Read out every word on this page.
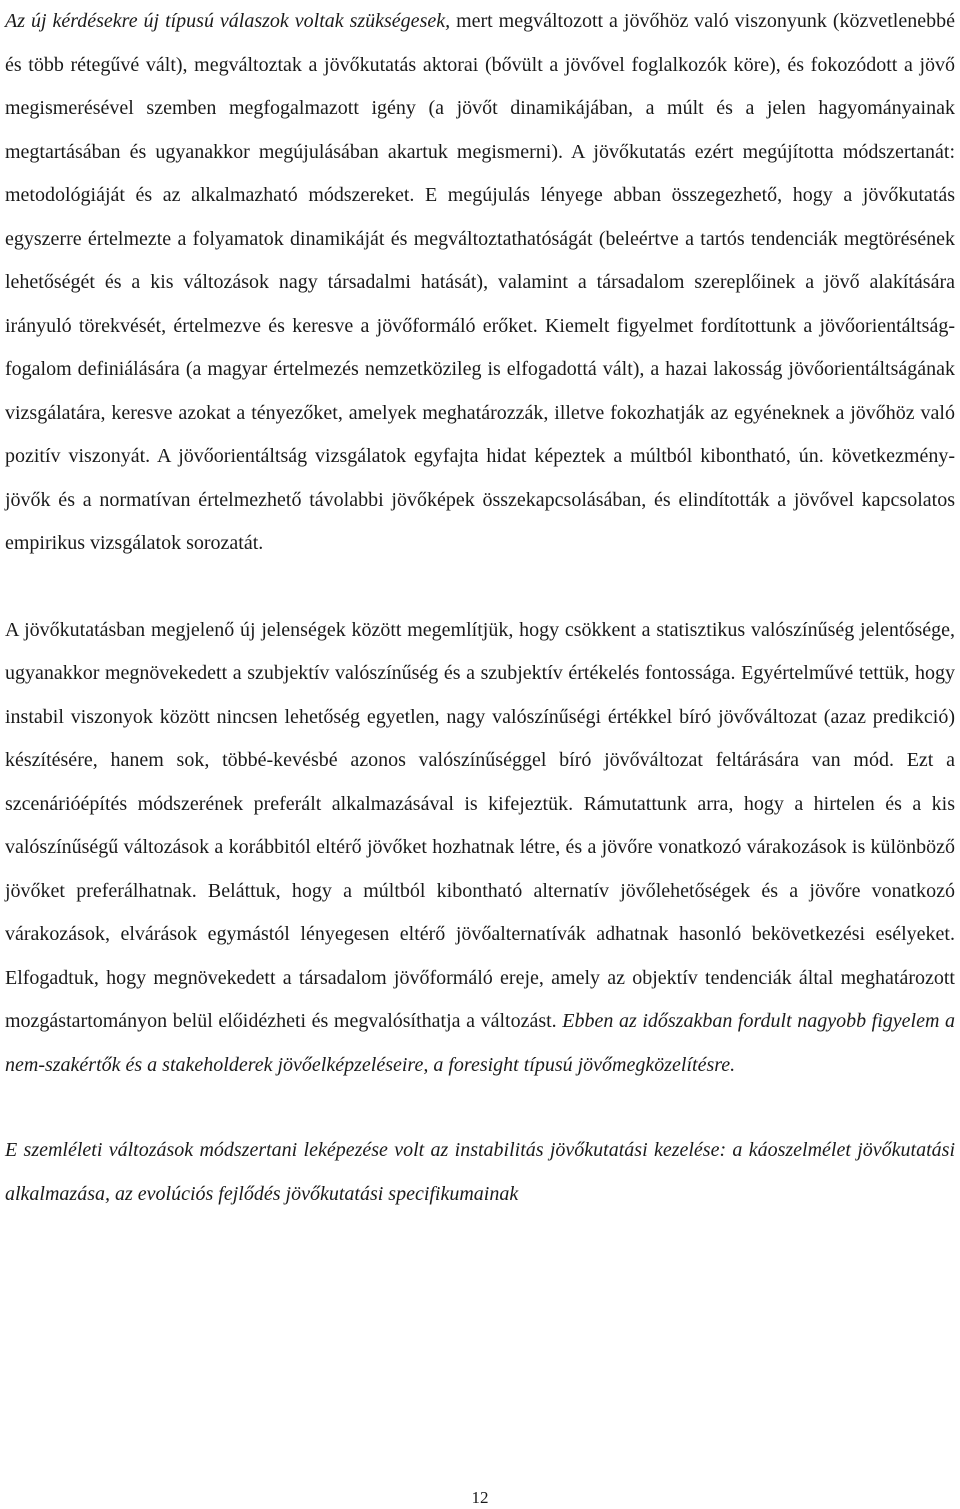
Az új kérdésekre új típusú válaszok voltak szükségesek, mert megváltozott a jövőhöz való viszonyunk (közvetlenebbé és több rétegűvé vált), megváltoztak a jövőkutatás aktorai (bővült a jövővel foglalkozók köre), és fokozódott a jövő megismerésével szemben megfogalmazott igény (a jövőt dinamikájában, a múlt és a jelen hagyományainak megtartásában és ugyanakkor megújulásában akartuk megismerni). A jövőkutatás ezért megújította módszertanát: metodológiáját és az alkalmazható módszereket. E megújulás lényege abban összegezhető, hogy a jövőkutatás egyszerre értelmezte a folyamatok dinamikáját és megváltoztathatóságát (beleértve a tartós tendenciák megtörésének lehetőségét és a kis változások nagy társadalmi hatását), valamint a társadalom szereplőinek a jövő alakítására irányuló törekvését, értelmezve és keresve a jövőformáló erőket. Kiemelt figyelmet fordítottunk a jövőorientáltság-fogalom definiálására (a magyar értelmezés nemzetközileg is elfogadottá vált), a hazai lakosság jövőorientáltságának vizsgálatára, keresve azokat a tényezőket, amelyek meghatározzák, illetve fokozhatják az egyéneknek a jövőhöz való pozitív viszonyát. A jövőorientáltság vizsgálatok egyfajta hidat képeztek a múltból kibontható, ún. következmény-jövők és a normatívan értelmezhető távolabbi jövőképek összekapcsolásában, és elindították a jövővel kapcsolatos empirikus vizsgálatok sorozatát.

A jövőkutatásban megjelenő új jelenségek között megemlítjük, hogy csökkent a statisztikus valószínűség jelentősége, ugyanakkor megnövekedett a szubjektív valószínűség és a szubjektív értékelés fontossága. Egyértelművé tettük, hogy instabil viszonyok között nincsen lehetőség egyetlen, nagy valószínűségi értékkel bíró jövőváltozat (azaz predikció) készítésére, hanem sok, többé-kevésbé azonos valószínűséggel bíró jövőváltozat feltárására van mód. Ezt a szcenárióépítés módszerének preferált alkalmazásával is kifejeztük. Rámutattunk arra, hogy a hirtelen és a kis valószínűségű változások a korábbitól eltérő jövőket hozhatnak létre, és a jövőre vonatkozó várakozások is különböző jövőket preferálhatnak. Beláttuk, hogy a múltból kibontható alternatív jövőlehetőségek és a jövőre vonatkozó várakozások, elvárások egymástól lényegesen eltérő jövőalternatívák adhatnak hasonló bekövetkezési esélyeket. Elfogadtuk, hogy megnövekedett a társadalom jövőformáló ereje, amely az objektív tendenciák által meghatározott mozgástartományon belül előidézheti és megvalósíthatja a változást. Ebben az időszakban fordult nagyobb figyelem a nem-szakértők és a stakeholderek jövőelképzeléseire, a foresight típusú jövőmegközelítésre.

E szemléleti változások módszertani leképezése volt az instabilitás jövőkutatási kezelése: a káoszelmélet jövőkutatási alkalmazása, az evolúciós fejlődés jövőkutatási specifikumainak

12
